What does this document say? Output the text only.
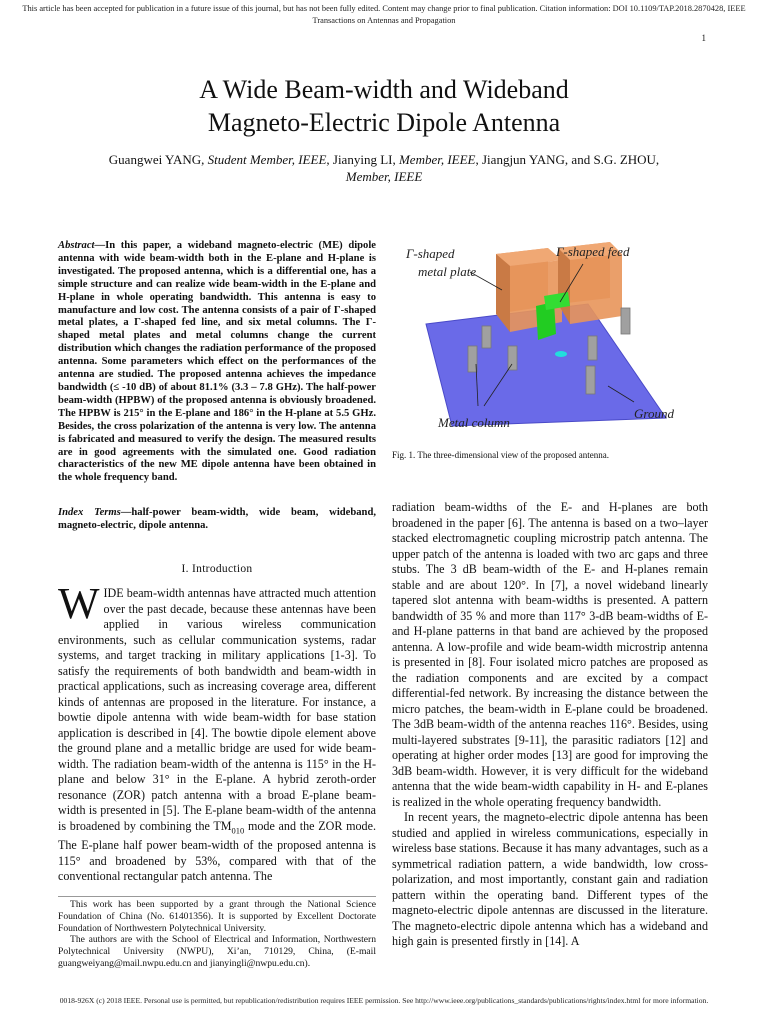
This article has been accepted for publication in a future issue of this journal, but has not been fully edited. Content may change prior to final publication. Citation information: DOI 10.1109/TAP.2018.2870428, IEEE
Transactions on Antennas and Propagation
1
A Wide Beam-width and Wideband
Magneto-Electric Dipole Antenna
Guangwei YANG, Student Member, IEEE, Jianying LI, Member, IEEE, Jiangjun YANG, and S.G. ZHOU,
Member, IEEE
Abstract—In this paper, a wideband magneto-electric (ME) dipole antenna with wide beam-width both in the E-plane and H-plane is investigated. The proposed antenna, which is a differential one, has a simple structure and can realize wide beam-width in the E-plane and H-plane in whole operating bandwidth. This antenna is easy to manufacture and low cost. The antenna consists of a pair of Γ-shaped metal plates, a Γ-shaped fed line, and six metal columns. The Γ-shaped metal plates and metal columns change the current distribution which changes the radiation performance of the proposed antenna. Some parameters which effect on the performances of the antenna are studied. The proposed antenna achieves the impedance bandwidth (≤ -10 dB) of about 81.1% (3.3 – 7.8 GHz). The half-power beam-width (HPBW) of the proposed antenna is obviously broadened. The HPBW is 215° in the E-plane and 186° in the H-plane at 5.5 GHz. Besides, the cross polarization of the antenna is very low. The antenna is fabricated and measured to verify the design. The measured results are in good agreements with the simulated one. Good radiation characteristics of the new ME dipole antenna have been obtained in the whole frequency band.
Index Terms—half-power beam-width, wide beam, wideband, magneto-electric, dipole antenna.
I. Introduction
WIDE beam-width antennas have attracted much attention over the past decade, because these antennas have been applied in various wireless communication environments, such as cellular communication systems, radar systems, and target tracking in military applications [1-3]. To satisfy the requirements of both bandwidth and beam-width in practical applications, such as increasing coverage area, different kinds of antennas are proposed in the literature. For instance, a bowtie dipole antenna with wide beam-width for base station application is described in [4]. The bowtie dipole element above the ground plane and a metallic bridge are used for wide beam-width. The radiation beam-width of the antenna is 115° in the H-plane and below 31° in the E-plane. A hybrid zeroth-order resonance (ZOR) patch antenna with a broad E-plane beam-width is presented in [5]. The E-plane beam-width of the antenna is broadened by combining the $TM_{010}$ mode and the ZOR mode. The E-plane half power beam-width of the proposed antenna is 115° and broadened by 53%, compared with that of the conventional rectangular patch antenna. The

This work has been supported by a grant through the National Science Foundation of China (No. 61401356). It is supported by Excellent Doctorate Foundation of Northwestern Polytechnical University.

The authors are with the School of Electrical and Information, Northwestern Polytechnical University (NWPU), Xi’an, 710129, China, (E-mail guangweiyang@mail.nwpu.edu.cn and jianyingli@nwpu.edu.cn).

Γ-shaped
metal plate
Γ-shaped feed
Metal column
Ground
Fig. 1. The three-dimensional view of the proposed antenna.

radiation beam-widths of the E- and H-planes are both broadened in the paper [6]. The antenna is based on a two–layer stacked electromagnetic coupling microstrip patch antenna. The upper patch of the antenna is loaded with two arc gaps and three stubs. The 3 dB beam-width of the E- and H-planes remain stable and are about 120°. In [7], a novel wideband linearly tapered slot antenna with beam-widths is presented. A pattern bandwidth of 35 % and more than 117° 3-dB beam-widths of E- and H-plane patterns in that band are achieved by the proposed antenna. A low-profile and wide beam-width microstrip antenna is presented in [8]. Four isolated micro patches are proposed as the radiation components and are excited by a compact differential-fed network. By increasing the distance between the micro patches, the beam-width in E-plane could be broadened. The 3dB beam-width of the antenna reaches 116°. Besides, using multi-layered substrates [9-11], the parasitic radiators [12] and operating at higher order modes [13] are good for improving the 3dB beam-width. However, it is very difficult for the wideband antenna that the wide beam-width capability in H- and E-planes is realized in the whole operating frequency bandwidth.

In recent years, the magneto-electric dipole antenna has been studied and applied in wireless communications, especially in wireless base stations. Because it has many advantages, such as a symmetrical radiation pattern, a wide bandwidth, low cross-polarization, and most importantly, constant gain and radiation pattern within the operating band. Different types of the magneto-electric dipole antennas are discussed in the literature. The magneto-electric dipole antenna which has a wideband and high gain is presented firstly in [14]. A

0018-926X (c) 2018 IEEE. Personal use is permitted, but republication/redistribution requires IEEE permission. See http://www.ieee.org/publications_standards/publications/rights/index.html for more information.
